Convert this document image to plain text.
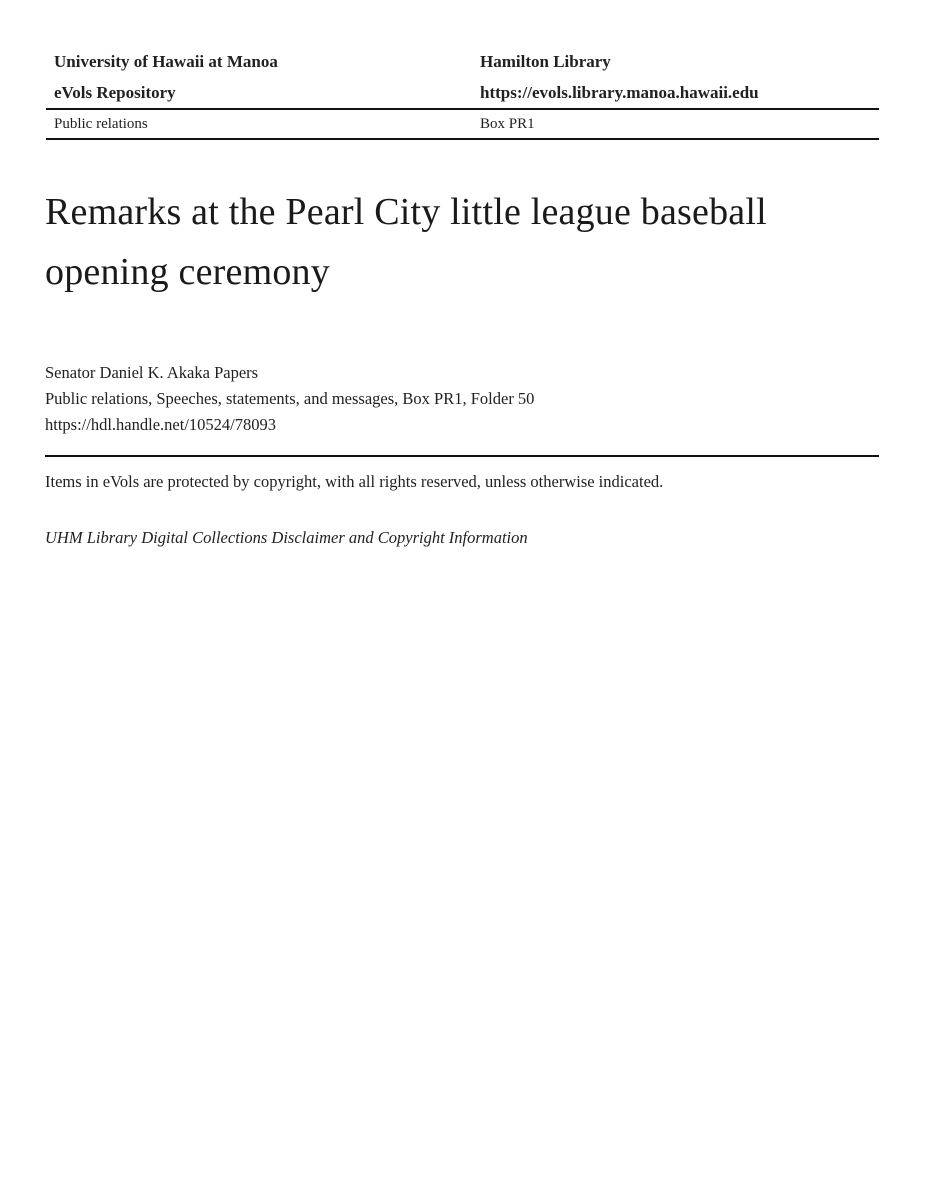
University of Hawaii at Manoa
eVols Repository
Hamilton Library
https://evols.library.manoa.hawaii.edu
Public relations	Box PR1
Remarks at the Pearl City little league baseball opening ceremony
Senator Daniel K. Akaka Papers
Public relations, Speeches, statements, and messages, Box PR1, Folder 50
https://hdl.handle.net/10524/78093
Items in eVols are protected by copyright, with all rights reserved, unless otherwise indicated.
UHM Library Digital Collections Disclaimer and Copyright Information
